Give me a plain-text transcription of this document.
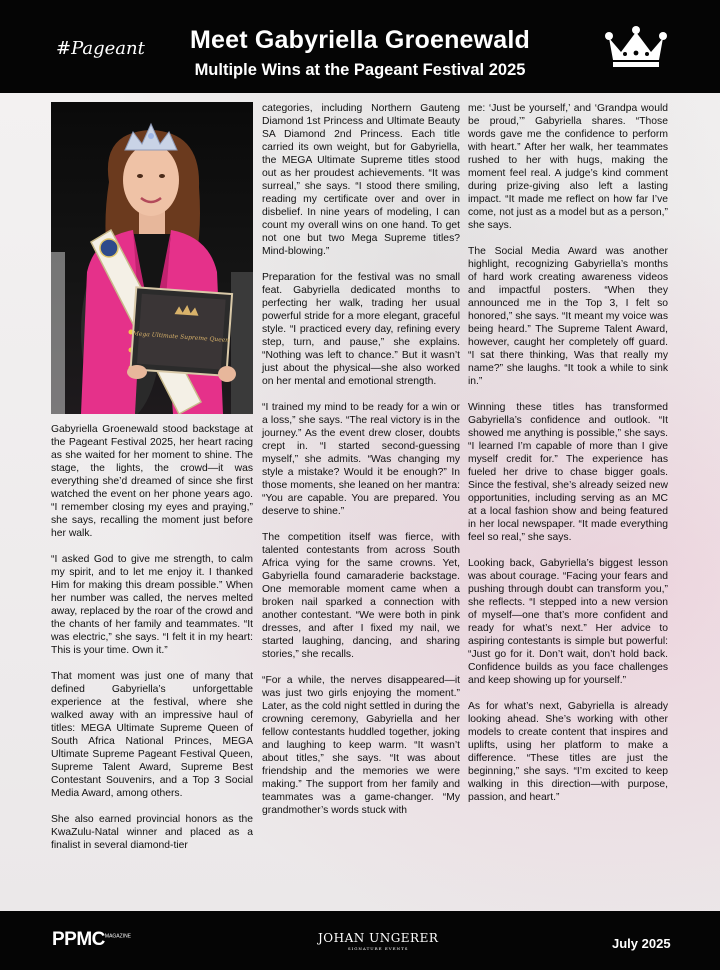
#Pageant	Meet Gabyriella Groenewald
Multiple Wins at the Pageant Festival 2025
Mega Ultimate Supreme Queen

Gabyriella Groenewald stood backstage at the Pageant Festival 2025, her heart racing as she waited for her moment to shine. The stage, the lights, the crowd—it was everything she’d dreamed of since she first watched the event on her phone years ago. “I remember closing my eyes and praying,” she says, recalling the moment just before her walk.

“I asked God to give me strength, to calm my spirit, and to let me enjoy it. I thanked Him for making this dream possible.” When her number was called, the nerves melted away, replaced by the roar of the crowd and the chants of her family and teammates. “It was electric,” she says. “I felt it in my heart: This is your time. Own it.”

That moment was just one of many that defined Gabyriella’s unforgettable experience at the festival, where she walked away with an impressive haul of titles: MEGA Ultimate Supreme Queen of South Africa National Princes, MEGA Ultimate Supreme Pageant Festival Queen, Supreme Talent Award, Supreme Best Contestant Souvenirs, and a Top 3 Social Media Award, among others.

She also earned provincial honors as the KwaZulu-Natal winner and placed as a finalist in several diamond-tier

categories, including Northern Gauteng Diamond 1st Princess and Ultimate Beauty SA Diamond 2nd Princess. Each title carried its own weight, but for Gabyriella, the MEGA Ultimate Supreme titles stood out as her proudest achievements. “It was surreal,” she says. “I stood there smiling, reading my certificate over and over in disbelief. In nine years of modeling, I can count my overall wins on one hand. To get not one but two Mega Supreme titles? Mind-blowing.”

Preparation for the festival was no small feat. Gabyriella dedicated months to perfecting her walk, trading her usual powerful stride for a more elegant, graceful style. “I practiced every day, refining every step, turn, and pause,” she explains. “Nothing was left to chance.” But it wasn’t just about the physical—she also worked on her mental and emotional strength.

“I trained my mind to be ready for a win or a loss,” she says. “The real victory is in the journey.” As the event drew closer, doubts crept in. “I started second-guessing myself,” she admits. “Was changing my style a mistake? Would it be enough?” In those moments, she leaned on her mantra: “You are capable. You are prepared. You deserve to shine.”

The competition itself was fierce, with talented contestants from across South Africa vying for the same crowns. Yet, Gabyriella found camaraderie backstage. One memorable moment came when a broken nail sparked a connection with another contestant. “We were both in pink dresses, and after I fixed my nail, we started laughing, dancing, and sharing stories,” she recalls.

“For a while, the nerves disappeared—it was just two girls enjoying the moment.” Later, as the cold night settled in during the crowning ceremony, Gabyriella and her fellow contestants huddled together, joking and laughing to keep warm. “It wasn’t about titles,” she says. “It was about friendship and the memories we were making.” The support from her family and teammates was a game-changer. “My grandmother’s words stuck with

me: ‘Just be yourself,’ and ‘Grandpa would be proud,’” Gabyriella shares. “Those words gave me the confidence to perform with heart.” After her walk, her teammates rushed to her with hugs, making the moment feel real. A judge’s kind comment during prize-giving also left a lasting impact. “It made me reflect on how far I’ve come, not just as a model but as a person,” she says.

The Social Media Award was another highlight, recognizing Gabyriella’s months of hard work creating awareness videos and impactful posters. “When they announced me in the Top 3, I felt so honored,” she says. “It meant my voice was being heard.” The Supreme Talent Award, however, caught her completely off guard. “I sat there thinking, Was that really my name?” she laughs. “It took a while to sink in.”

Winning these titles has transformed Gabyriella’s confidence and outlook. “It showed me anything is possible,” she says. “I learned I’m capable of more than I give myself credit for.” The experience has fueled her drive to chase bigger goals. Since the festival, she’s already seized new opportunities, including serving as an MC at a local fashion show and being featured in her local newspaper. “It made everything feel so real,” she says.

Looking back, Gabyriella’s biggest lesson was about courage. “Facing your fears and pushing through doubt can transform you,” she reflects. “I stepped into a new version of myself—one that’s more confident and ready for what’s next.” Her advice to aspiring contestants is simple but powerful: “Just go for it. Don’t wait, don’t hold back. Confidence builds as you face challenges and keep showing up for yourself.”

As for what’s next, Gabyriella is already looking ahead. She’s working with other models to create content that inspires and uplifts, using her platform to make a difference. “These titles are just the beginning,” she says. “I’m excited to keep walking in this direction—with purpose, passion, and heart.”

$PPMC^{MAGAZINE}$	JOHAN UNGERER
SIGNATURE EVENTS	July 2025
